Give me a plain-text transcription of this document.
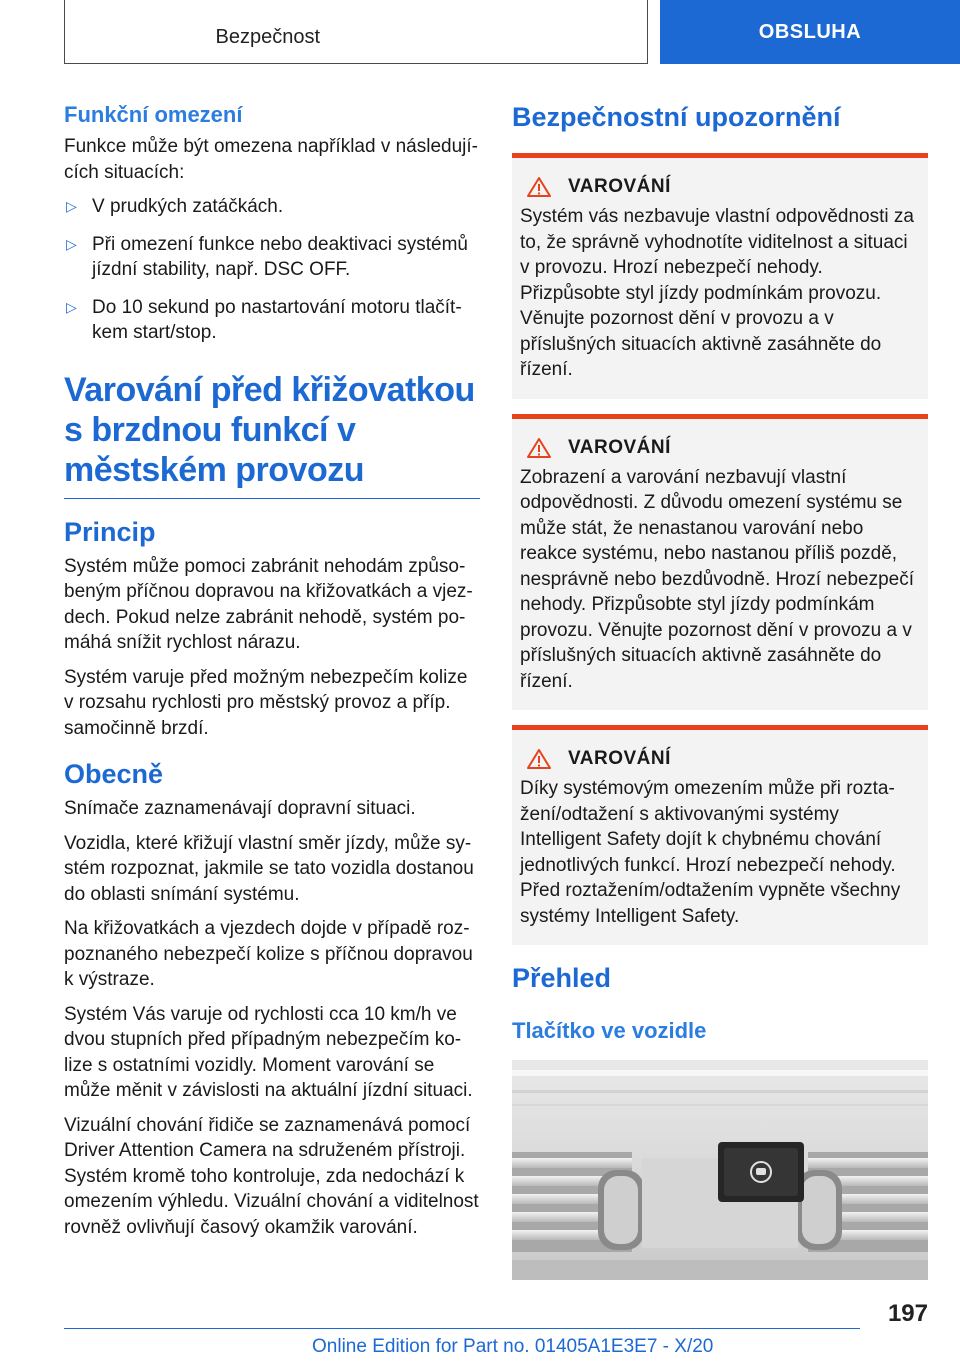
Bezpečnost	OBSLUHA
Funkční omezení

Funkce může být omezena například v následujících situacích:

▷ V prudkých zatáčkách.
▷ Při omezení funkce nebo deaktivaci systémů jízdní stability, např. DSC OFF.
▷ Do 10 sekund po nastartování motoru tlačítkem start/stop.
Varování před křižovatkou s brzdnou funkcí v městském provozu
Princip

Systém může pomoci zabránit nehodám způsobeným příčnou dopravou na křižovatkách a vjezdech. Pokud nelze zabránit nehodě, systém pomáhá snížit rychlost nárazu.

Systém varuje před možným nebezpečím kolize v rozsahu rychlosti pro městský provoz a příp. samočinně brzdí.

Obecně

Snímače zaznamenávají dopravní situaci.

Vozidla, které křižují vlastní směr jízdy, může systém rozpoznat, jakmile se tato vozidla dostanou do oblasti snímání systému.

Na křižovatkách a vjezdech dojde v případě rozpoznaného nebezpečí kolize s příčnou dopravou k výstraze.

Systém Vás varuje od rychlosti cca 10 km/h ve dvou stupních před případným nebezpečím kolize s ostatními vozidly. Moment varování se může měnit v závislosti na aktuální jízdní situaci.

Vizuální chování řidiče se zaznamenává pomocí Driver Attention Camera na sdruženém přístroji. Systém kromě toho kontroluje, zda nedochází k omezením výhledu. Vizuální chování a viditelnost rovněž ovlivňují časový okamžik varování.

Bezpečnostní upozornění
VAROVÁNÍ

Systém vás nezbavuje vlastní odpovědnosti za to, že správně vyhodnotíte viditelnost a situaci v provozu. Hrozí nebezpečí nehody. Přizpůsobte styl jízdy podmínkám provozu. Věnujte pozornost dění v provozu a v příslušných situacích aktivně zasáhněte do řízení.

VAROVÁNÍ

Zobrazení a varování nezbavují vlastní odpovědnosti. Z důvodu omezení systému se může stát, že nenastanou varování nebo reakce systému, nebo nastanou příliš pozdě, nesprávně nebo bezdůvodně. Hrozí nebezpečí nehody. Přizpůsobte styl jízdy podmínkám provozu. Věnujte pozornost dění v provozu a v příslušných situacích aktivně zasáhněte do řízení.

VAROVÁNÍ

Díky systémovým omezením může při roztažení/odtažení s aktivovanými systémy Intelligent Safety dojít k chybnému chování jednotlivých funkcí. Hrozí nebezpečí nehody. Před roztažením/odtažením vypněte všechny systémy Intelligent Safety.

Přehled
Tlačítko ve vozidle
197
Online Edition for Part no. 01405A1E3E7 - X/20
